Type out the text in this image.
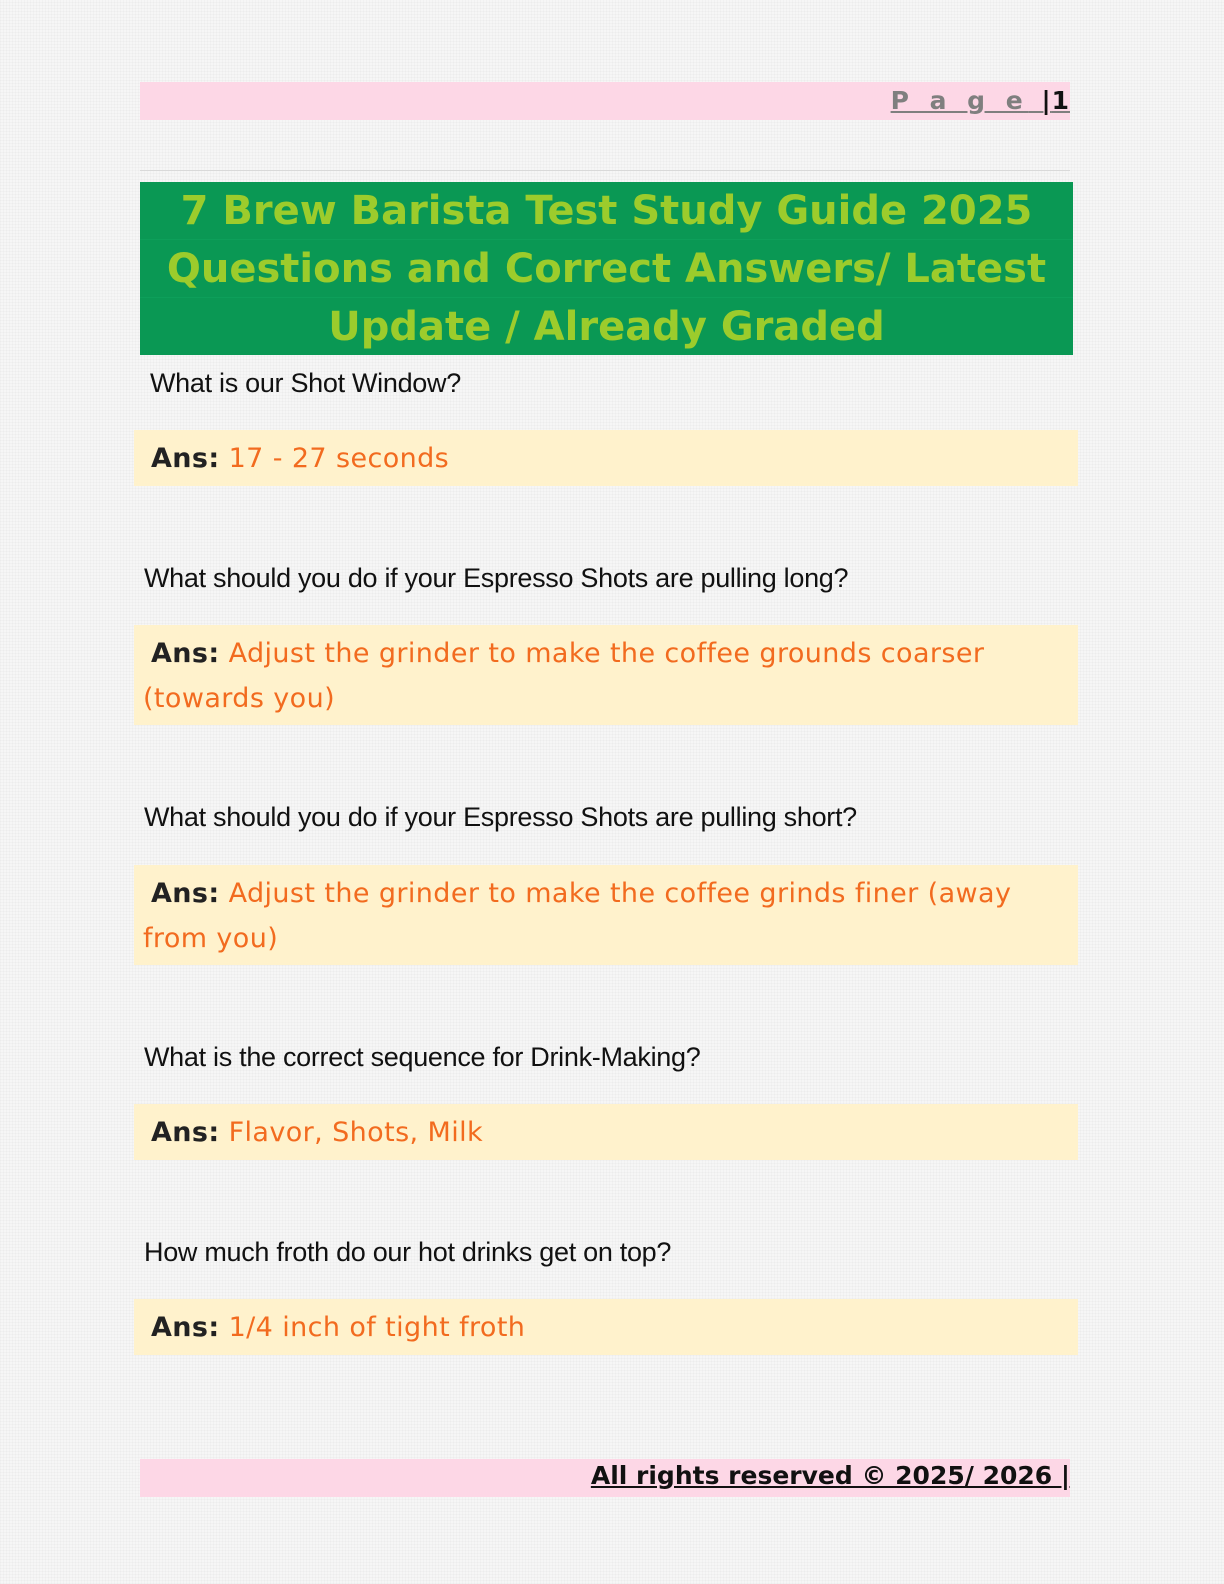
P a g e |1
7 Brew Barista Test Study Guide 2025
Questions and Correct Answers/ Latest
Update / Already Graded
What is our Shot Window?
Ans: 17 - 27 seconds
What should you do if your Espresso Shots are pulling long?
Ans: Adjust the grinder to make the coffee grounds coarser (towards you)
What should you do if your Espresso Shots are pulling short?
Ans: Adjust the grinder to make the coffee grinds finer (away from you)
What is the correct sequence for Drink-Making?
Ans: Flavor, Shots, Milk
How much froth do our hot drinks get on top?
Ans: 1/4 inch of tight froth
All rights reserved © 2025/ 2026 |
